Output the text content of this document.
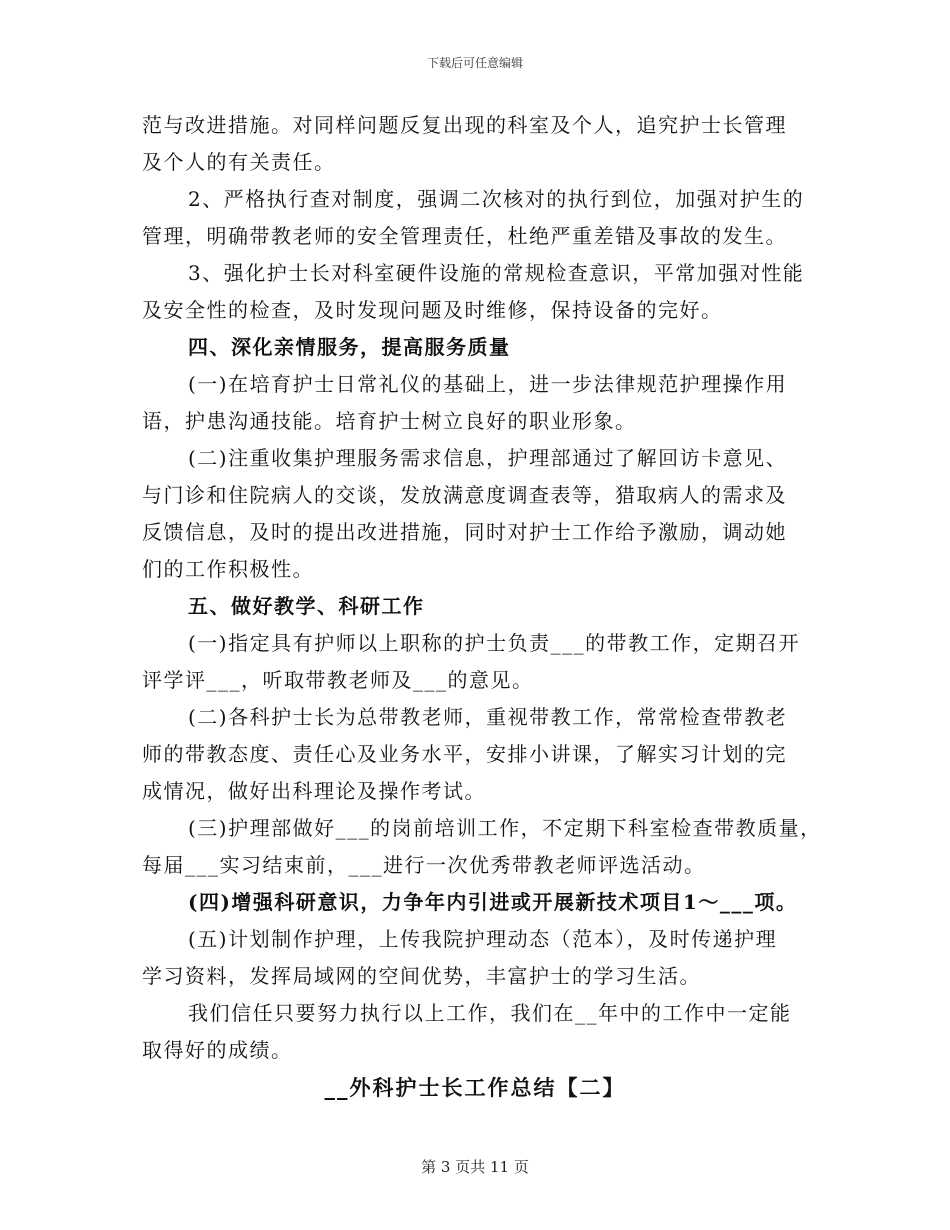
下载后可任意编辑
范与改进措施。对同样问题反复出现的科室及个人，追究护士长管理
及个人的有关责任。
2、严格执行查对制度，强调二次核对的执行到位，加强对护生的
管理，明确带教老师的安全管理责任，杜绝严重差错及事故的发生。
3、强化护士长对科室硬件设施的常规检查意识，平常加强对性能
及安全性的检查，及时发现问题及时维修，保持设备的完好。
四、深化亲情服务，提高服务质量
(一)在培育护士日常礼仪的基础上，进一步法律规范护理操作用
语，护患沟通技能。培育护士树立良好的职业形象。
(二)注重收集护理服务需求信息，护理部通过了解回访卡意见、
与门诊和住院病人的交谈，发放满意度调查表等，猎取病人的需求及
反馈信息，及时的提出改进措施，同时对护士工作给予激励，调动她
们的工作积极性。
五、做好教学、科研工作
(一)指定具有护师以上职称的护士负责___的带教工作，定期召开
评学评___，听取带教老师及___的意见。
(二)各科护士长为总带教老师，重视带教工作，常常检查带教老
师的带教态度、责任心及业务水平，安排小讲课，了解实习计划的完
成情况，做好出科理论及操作考试。
(三)护理部做好___的岗前培训工作，不定期下科室检查带教质量，
每届___实习结束前，___进行一次优秀带教老师评选活动。
(四)增强科研意识，力争年内引进或开展新技术项目1～___项。
(五)计划制作护理，上传我院护理动态（范本），及时传递护理
学习资料，发挥局域网的空间优势，丰富护士的学习生活。
我们信任只要努力执行以上工作，我们在__年中的工作中一定能
取得好的成绩。
__外科护士长工作总结【二】
第 3 页共 11 页
